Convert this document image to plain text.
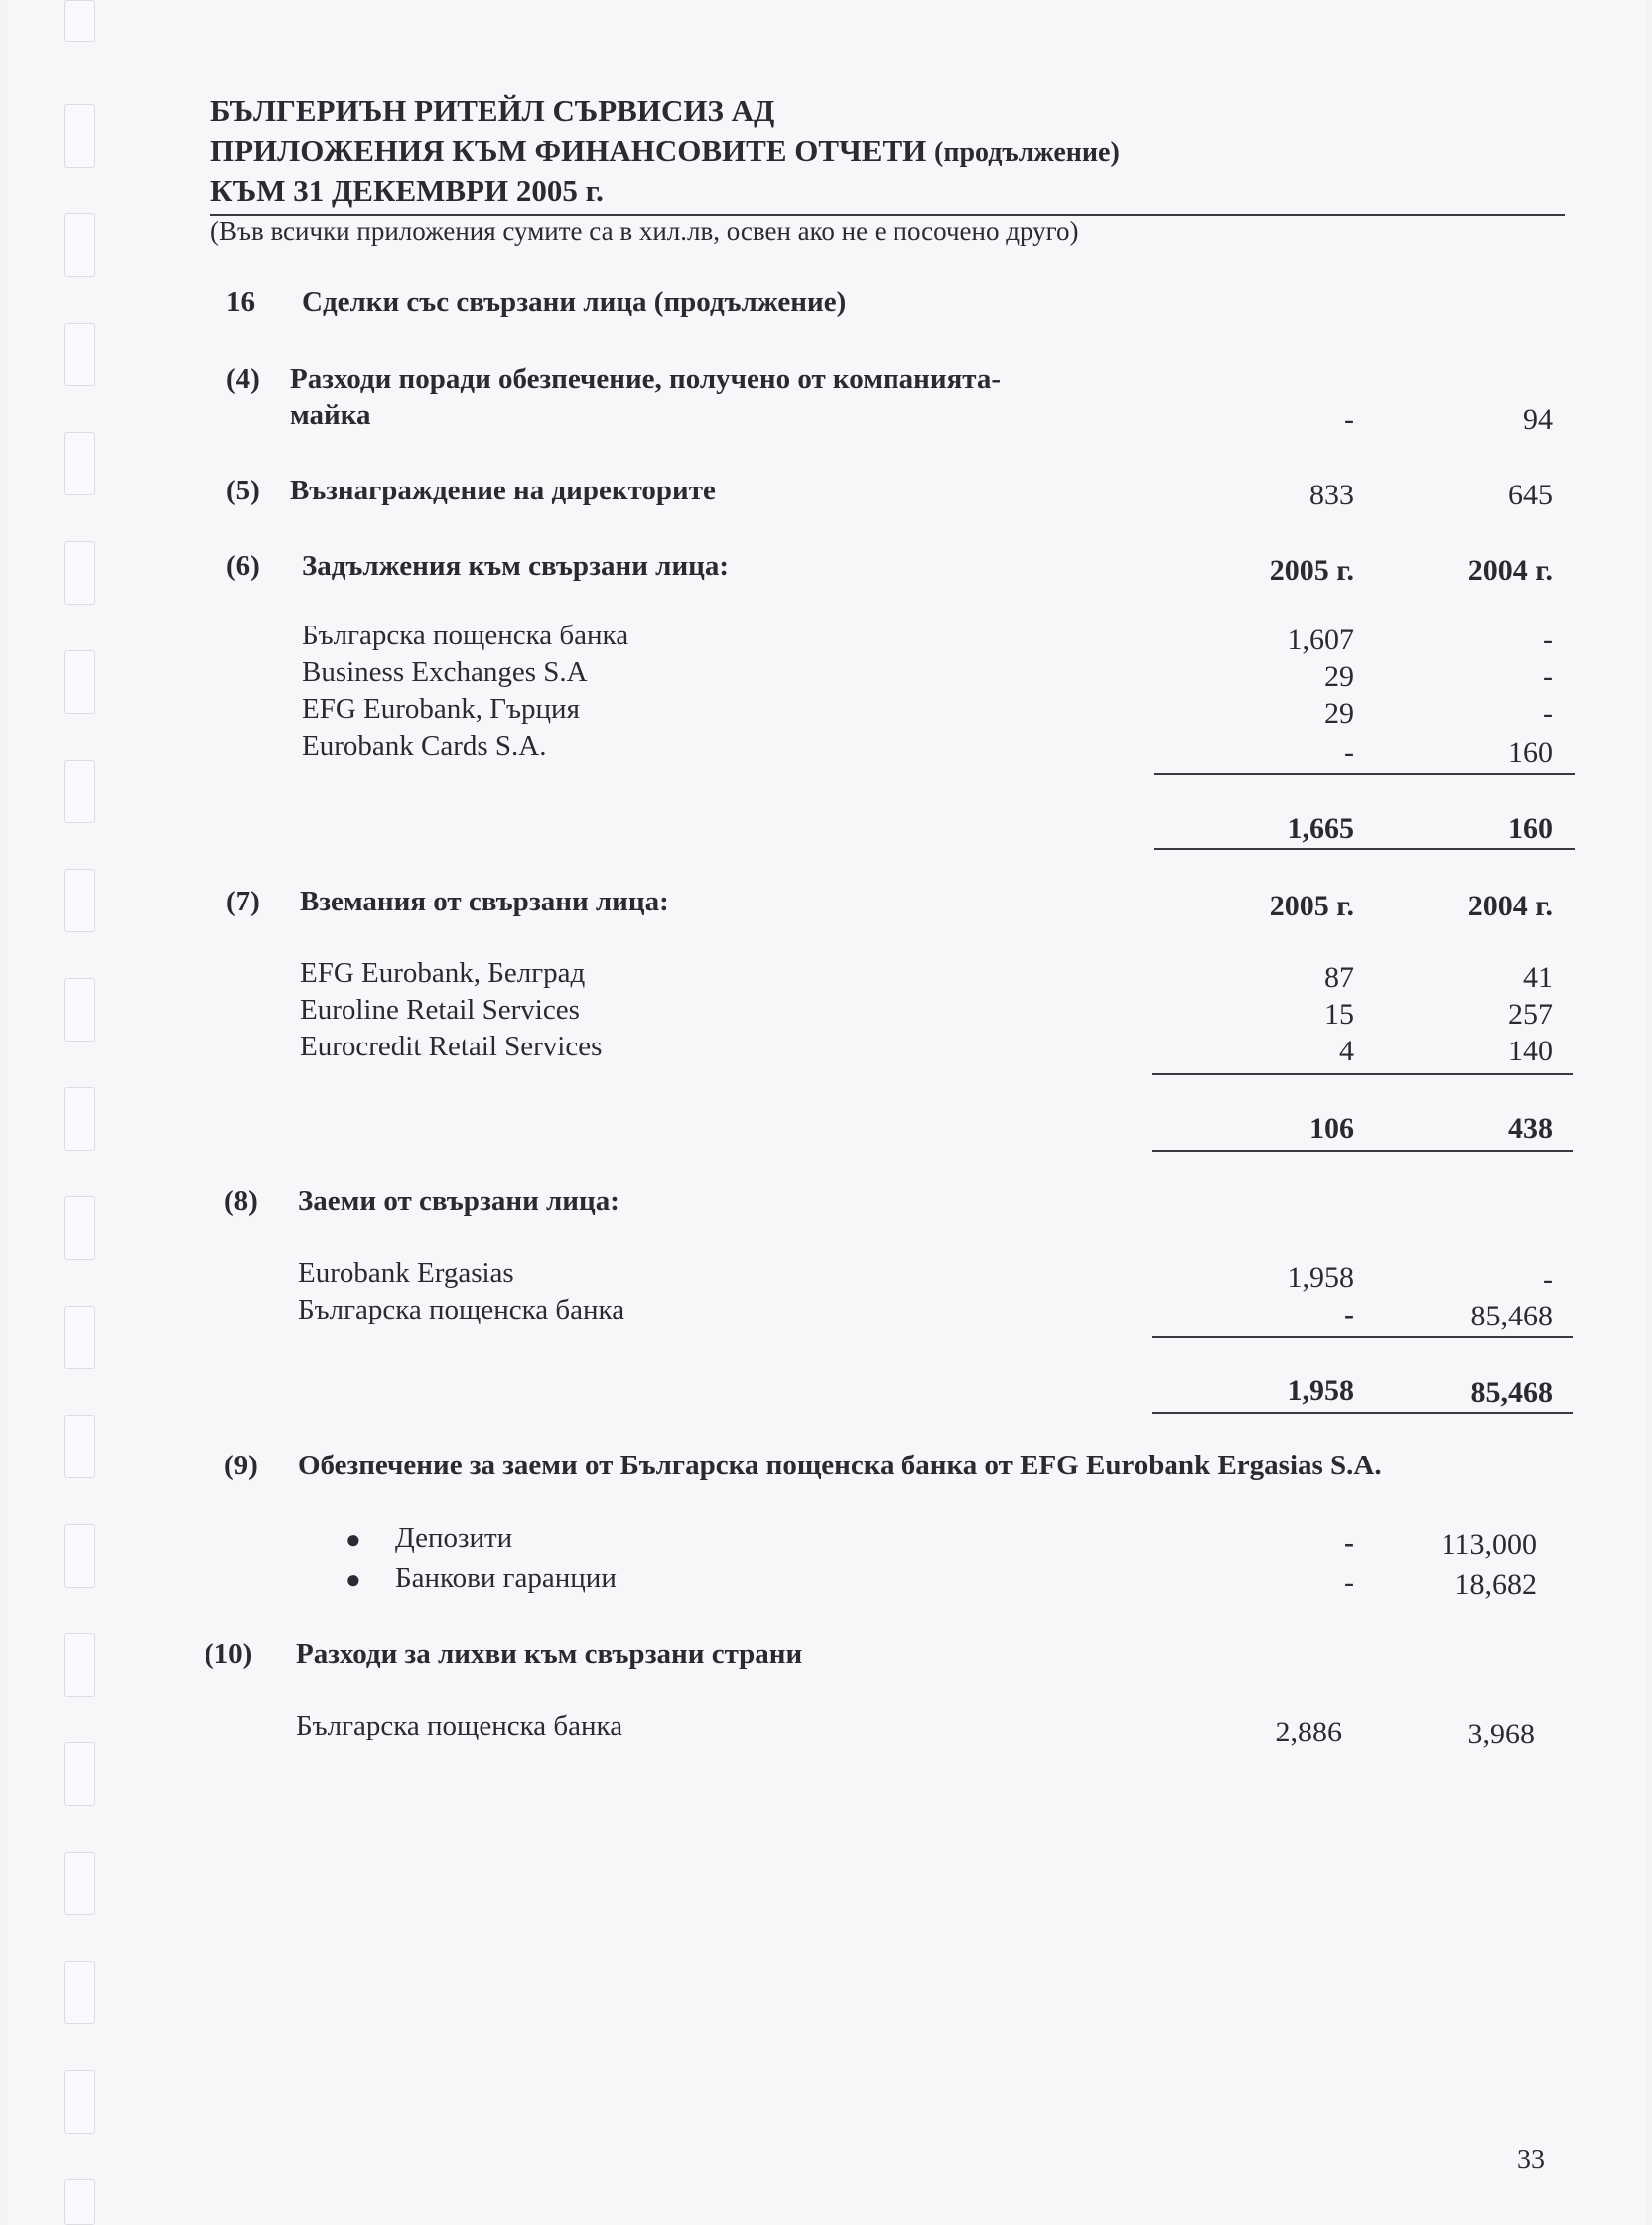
БЪЛГЕРИЪН РИТЕЙЛ СЪРВИСИЗ АД
ПРИЛОЖЕНИЯ КЪМ ФИНАНСОВИТЕ ОТЧЕТИ (продължение)
КЪМ 31 ДЕКЕМВРИ 2005 г.
(Във всички приложения сумите са в хил.лв, освен ако не е посочено друго)
16 Сделки със свързани лица (продължение)
(4) Разходи поради обезпечение, получено от компанията-
майка	-	94
(5) Възнаграждение на директорите	833	645
(6) Задължения към свързани лица:	2005 г.	2004 г.
Българска пощенска банка	1,607	-
Business Exchanges S.A	29	-
EFG Eurobank, Гърция	29	-
Eurobank Cards S.A.	-	160
1,665	160
(7) Вземания от свързани лица:	2005 г.	2004 г.
EFG Eurobank, Белград	87	41
Euroline Retail Services	15	257
Eurocredit Retail Services	4	140
106	438
(8) Заеми от свързани лица:
Eurobank Ergasias	1,958	-
Българска пощенска банка	-	85,468
1,958	85,468
(9) Обезпечение за заеми от Българска пощенска банка от EFG Eurobank Ergasias S.A.
● Депозити	-	113,000
● Банкови гаранции	-	18,682
(10) Разходи за лихви към свързани страни
Българска пощенска банка	2,886	3,968
33
